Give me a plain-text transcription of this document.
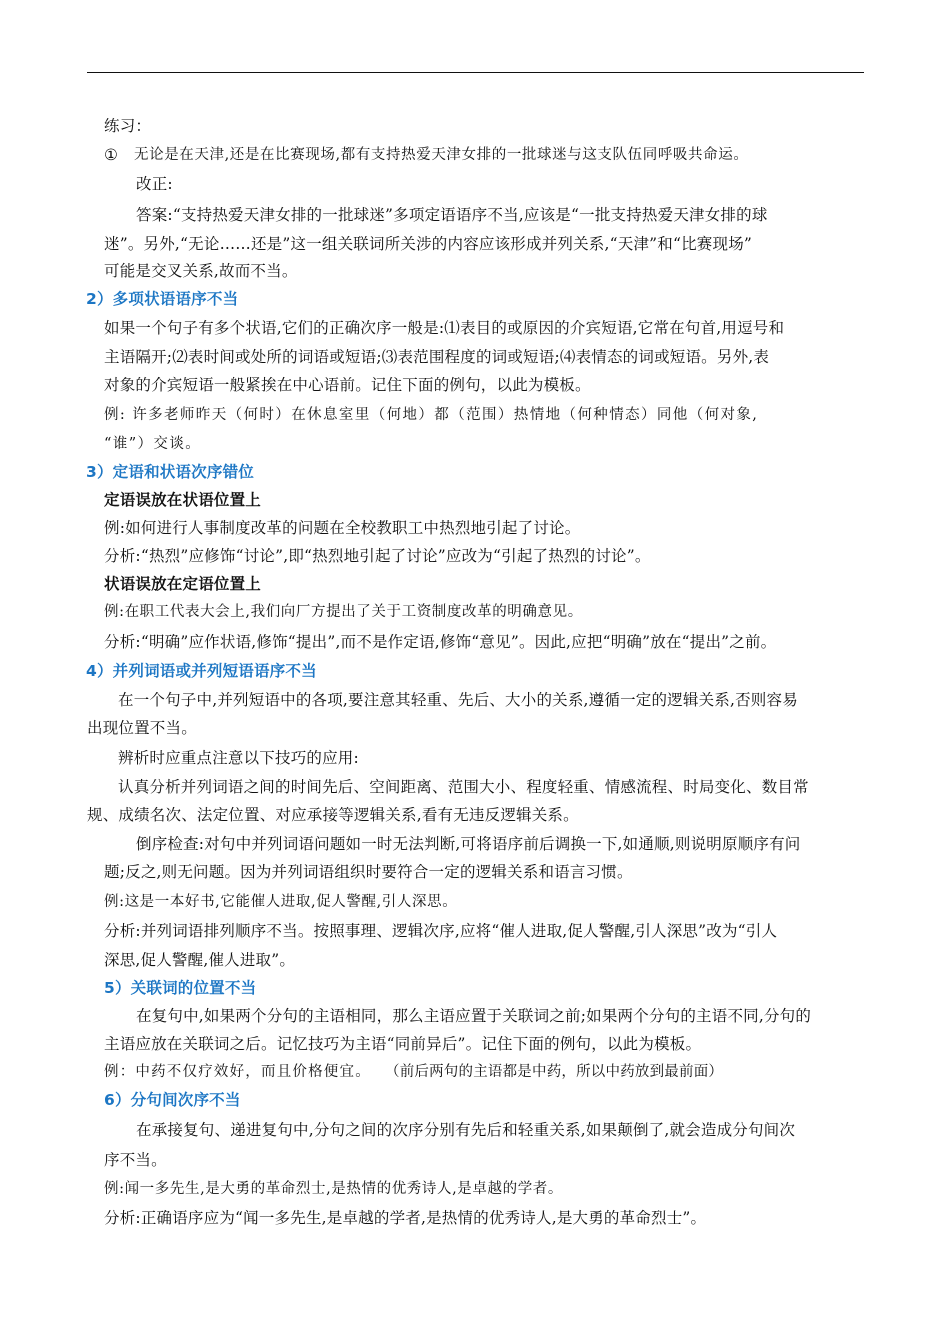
练习：
① 无论是在天津,还是在比赛现场,都有支持热爱天津女排的一批球迷与这支队伍同呼吸共命运。
改正:
答案:“支持热爱天津女排的一批球迷”多项定语语序不当,应该是“一批支持热爱天津女排的球
迷”。另外,“无论……还是”这一组关联词所关涉的内容应该形成并列关系,“天津”和“比赛现场”
可能是交叉关系,故而不当。
2）多项状语语序不当
如果一个句子有多个状语,它们的正确次序一般是:⑴表目的或原因的介宾短语,它常在句首,用逗号和
主语隔开;⑵表时间或处所的词语或短语;⑶表范围程度的词或短语;⑷表情态的词或短语。另外,表
对象的介宾短语一般紧挨在中心语前。记住下面的例句，以此为模板。
例: 许多老师昨天（何时）在休息室里（何地）都（范围）热情地（何种情态）同他（何对象,
“谁”）交谈。
3）定语和状语次序错位
定语误放在状语位置上
例:如何进行人事制度改革的问题在全校教职工中热烈地引起了讨论。
分析:“热烈”应修饰“讨论”,即“热烈地引起了讨论”应改为“引起了热烈的讨论”。
状语误放在定语位置上
例:在职工代表大会上,我们向厂方提出了关于工资制度改革的明确意见。
分析:“明确”应作状语,修饰“提出”,而不是作定语,修饰“意见”。因此,应把“明确”放在“提出”之前。
4）并列词语或并列短语语序不当
在一个句子中,并列短语中的各项,要注意其轻重、先后、大小的关系,遵循一定的逻辑关系,否则容易
出现位置不当。
辨析时应重点注意以下技巧的应用:
认真分析并列词语之间的时间先后、空间距离、范围大小、程度轻重、情感流程、时局变化、数目常
规、成绩名次、法定位置、对应承接等逻辑关系,看有无违反逻辑关系。
倒序检查:对句中并列词语问题如一时无法判断,可将语序前后调换一下,如通顺,则说明原顺序有问
题;反之,则无问题。因为并列词语组织时要符合一定的逻辑关系和语言习惯。
例:这是一本好书,它能催人进取,促人警醒,引人深思。
分析:并列词语排列顺序不当。按照事理、逻辑次序,应将“催人进取,促人警醒,引人深思”改为“引人
深思,促人警醒,催人进取”。
5）关联词的位置不当
在复句中,如果两个分句的主语相同，那么主语应置于关联词之前;如果两个分句的主语不同,分句的
主语应放在关联词之后。记忆技巧为主语“同前异后”。记住下面的例句，以此为模板。
例：中药不仅疗效好，而且价格便宜。 （前后两句的主语都是中药，所以中药放到最前面）
6）分句间次序不当
在承接复句、递进复句中,分句之间的次序分别有先后和轻重关系,如果颠倒了,就会造成分句间次
序不当。
例:闻一多先生,是大勇的革命烈士,是热情的优秀诗人,是卓越的学者。
分析:正确语序应为“闻一多先生,是卓越的学者,是热情的优秀诗人,是大勇的革命烈士”。
